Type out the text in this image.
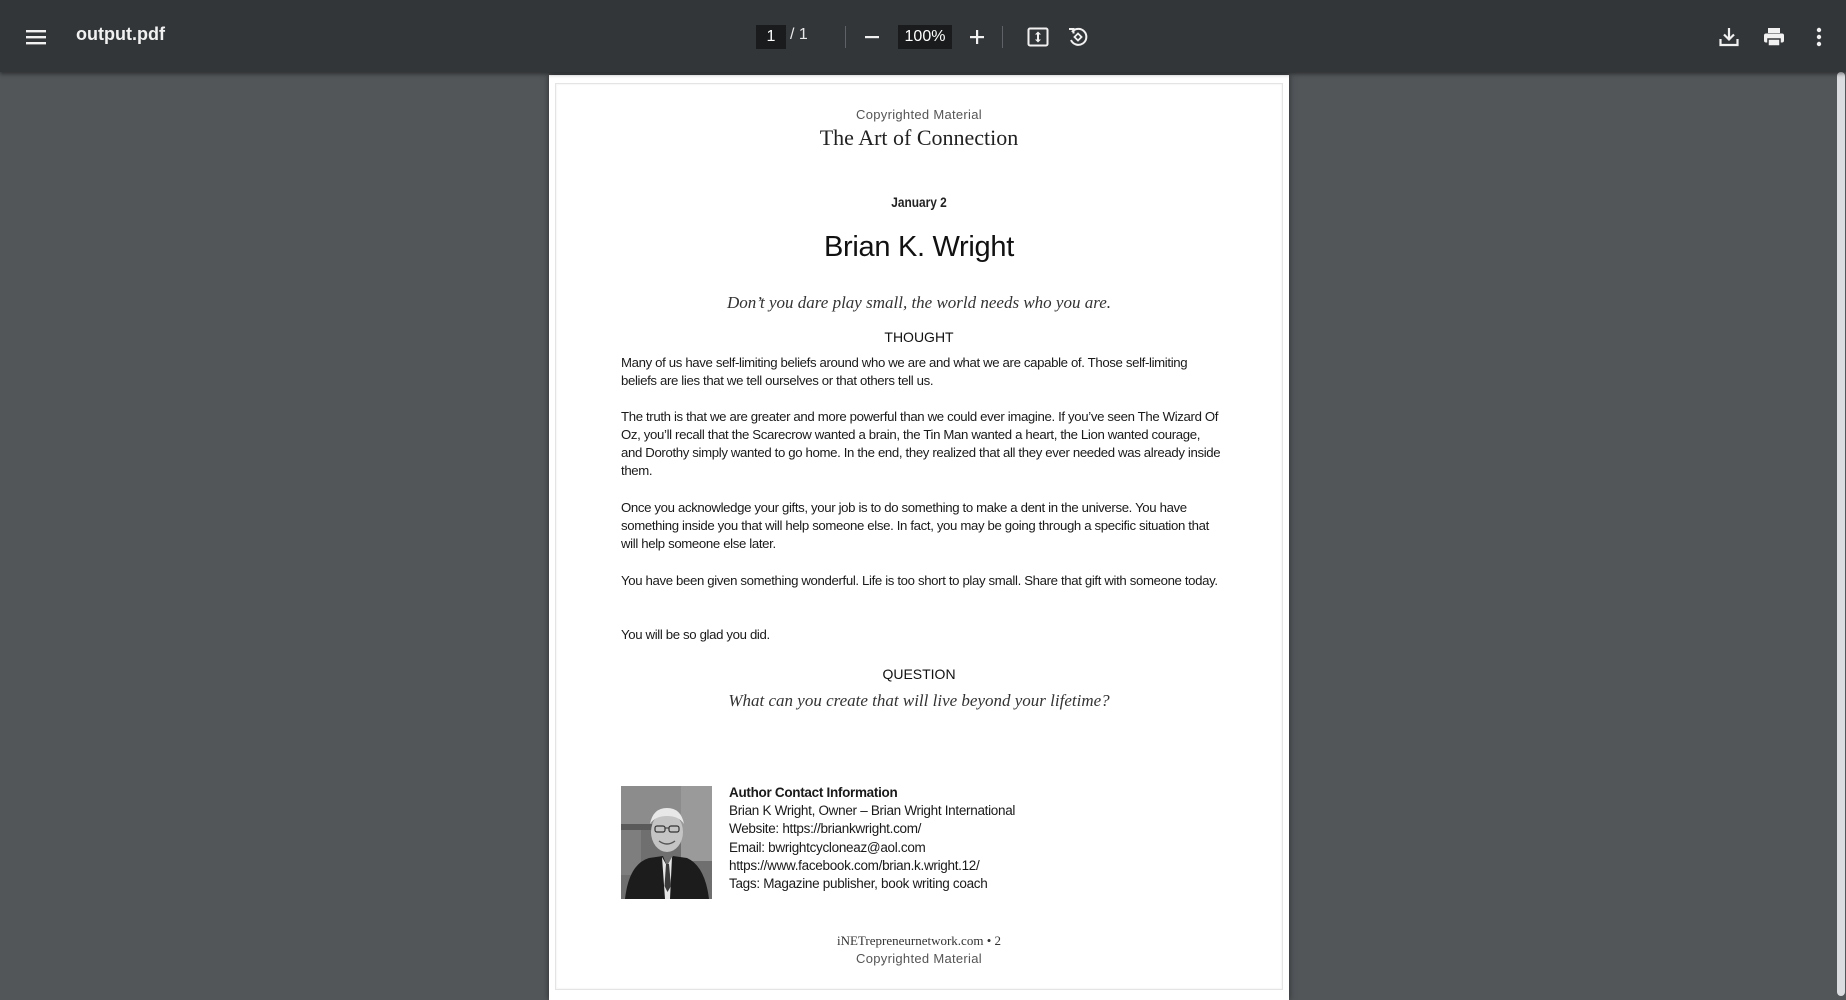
output.pdf	1 / 1	100%
Copyrighted Material
The Art of Connection
January 2
Brian K. Wright
Don’t you dare play small, the world needs who you are.
THOUGHT

Many of us have self-limiting beliefs around who we are and what we are capable of. Those self-limiting beliefs are lies that we tell ourselves or that others tell us.

The truth is that we are greater and more powerful than we could ever imagine. If you’ve seen The Wizard Of Oz, you’ll recall that the Scarecrow wanted a brain, the Tin Man wanted a heart, the Lion wanted courage, and Dorothy simply wanted to go home. In the end, they realized that all they ever needed was already inside them.

Once you acknowledge your gifts, your job is to do something to make a dent in the universe. You have something inside you that will help someone else. In fact, you may be going through a specific situation that will help someone else later.

You have been given something wonderful. Life is too short to play small. Share that gift with someone today.

You will be so glad you did.

QUESTION
What can you create that will live beyond your lifetime?
Author Contact Information
Brian K Wright, Owner – Brian Wright International
Website: https://briankwright.com/
Email: bwrightcycloneaz@aol.com
https://www.facebook.com/brian.k.wright.12/
Tags: Magazine publisher, book writing coach
iNETrepreneurnetwork.com • 2
Copyrighted Material
